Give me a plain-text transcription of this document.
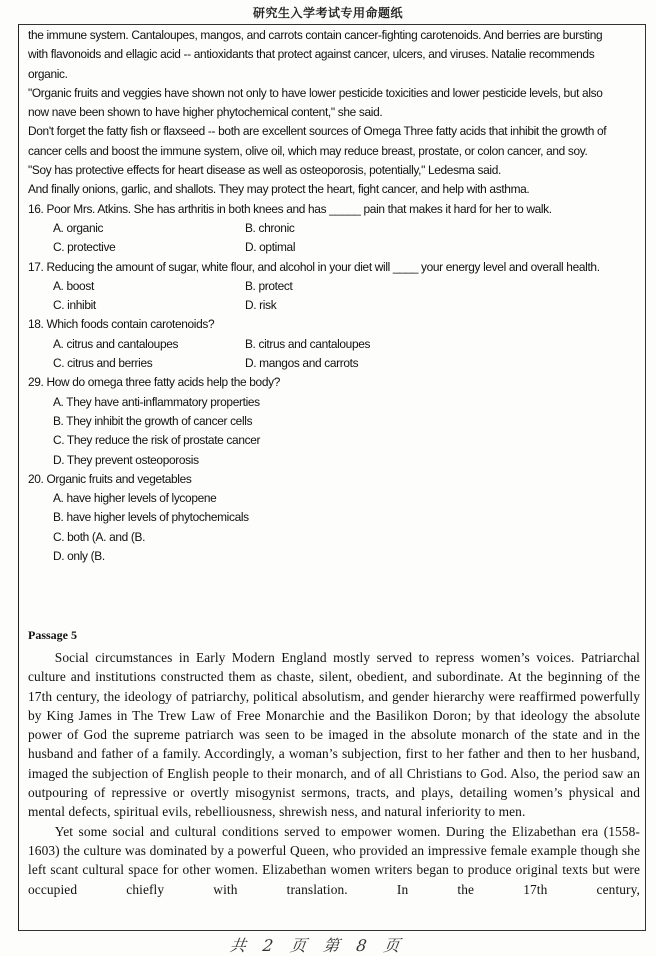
研究生入学考试专用命题纸

the immune system. Cantaloupes, mangos, and carrots contain cancer-fighting carotenoids. And berries are bursting with flavonoids and ellagic acid -- antioxidants that protect against cancer, ulcers, and viruses. Natalie recommends organic.

"Organic fruits and veggies have shown not only to have lower pesticide toxicities and lower pesticide levels, but also now nave been shown to have higher phytochemical content," she said.

Don't forget the fatty fish or flaxseed -- both are excellent sources of Omega Three fatty acids that inhibit the growth of cancer cells and boost the immune system, olive oil, which may reduce breast, prostate, or colon cancer, and soy.

"Soy has protective effects for heart disease as well as osteoporosis, potentially," Ledesma said.

And finally onions, garlic, and shallots. They may protect the heart, fight cancer, and help with asthma.

16. Poor Mrs. Atkins. She has arthritis in both knees and has _____ pain that makes it hard for her to walk.

A. organic	B. chronic
C. protective	D. optimal

17. Reducing the amount of sugar, white flour, and alcohol in your diet will ____ your energy level and overall health.

A. boost	B. protect
C. inhibit	D. risk

18. Which foods contain carotenoids?

A. citrus and cantaloupes	B. citrus and cantaloupes
C. citrus and berries	D. mangos and carrots

29. How do omega three fatty acids help the body?

A. They have anti-inflammatory properties

B. They inhibit the growth of cancer cells

C. They reduce the risk of prostate cancer

D. They prevent osteoporosis

20. Organic fruits and vegetables

A. have higher levels of lycopene

B. have higher levels of phytochemicals

C. both (A. and (B.

D. only (B.

Passage 5

Social circumstances in Early Modern England mostly served to repress women’s voices. Patriarchal culture and institutions constructed them as chaste, silent, obedient, and subordinate. At the beginning of the 17th century, the ideology of patriarchy, political absolutism, and gender hierarchy were reaffirmed powerfully by King James in The Trew Law of Free Monarchie and the Basilikon Doron; by that ideology the absolute power of God the supreme patriarch was seen to be imaged in the absolute monarch of the state and in the husband and father of a family. Accordingly, a woman’s subjection, first to her father and then to her husband, imaged the subjection of English people to their monarch, and of all Christians to God. Also, the period saw an outpouring of repressive or overtly misogynist sermons, tracts, and plays, detailing women’s physical and mental defects, spiritual evils, rebelliousness, shrewish ness, and natural inferiority to men.

Yet some social and cultural conditions served to empower women. During the Elizabethan era (1558-1603) the culture was dominated by a powerful Queen, who provided an impressive female example though she left scant cultural space for other women. Elizabethan women writers began to produce original texts but were occupied chiefly with translation. In the 17th century,

共 2 页 第 8 页
